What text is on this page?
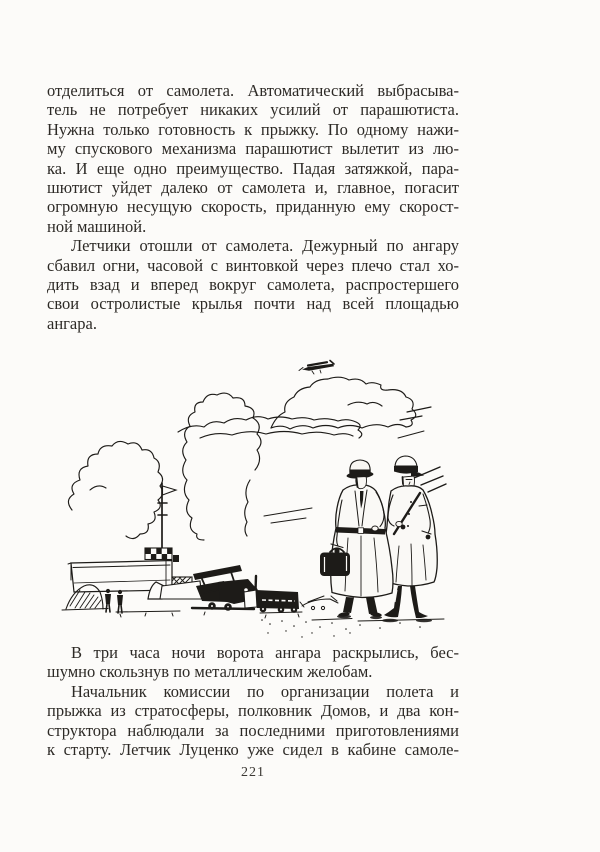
отделиться от самолета. Автоматический выбрасыва-
тель не потребует никаких усилий от парашютиста.
Нужна только готовность к прыжку. По одному нажи-
му спускового механизма парашютист вылетит из лю-
ка. И еще одно преимущество. Падая затяжкой, пара-
шютист уйдет далеко от самолета и, главное, погасит
огромную несущую скорость, приданную ему скорост-
ной машиной.
Летчики отошли от самолета. Дежурный по ангару
сбавил огни, часовой с винтовкой через плечо стал хо-
дить взад и вперед вокруг самолета, распростершего
свои остролистые крылья почти над всей площадью
ангара.
В три часа ночи ворота ангара раскрылись, бес-
шумно скользнув по металлическим желобам.
Начальник комиссии по организации полета и
прыжка из стратосферы, полковник Домов, и два кон-
структора наблюдали за последними приготовлениями
к старту. Летчик Луценко уже сидел в кабине самоле-
221
